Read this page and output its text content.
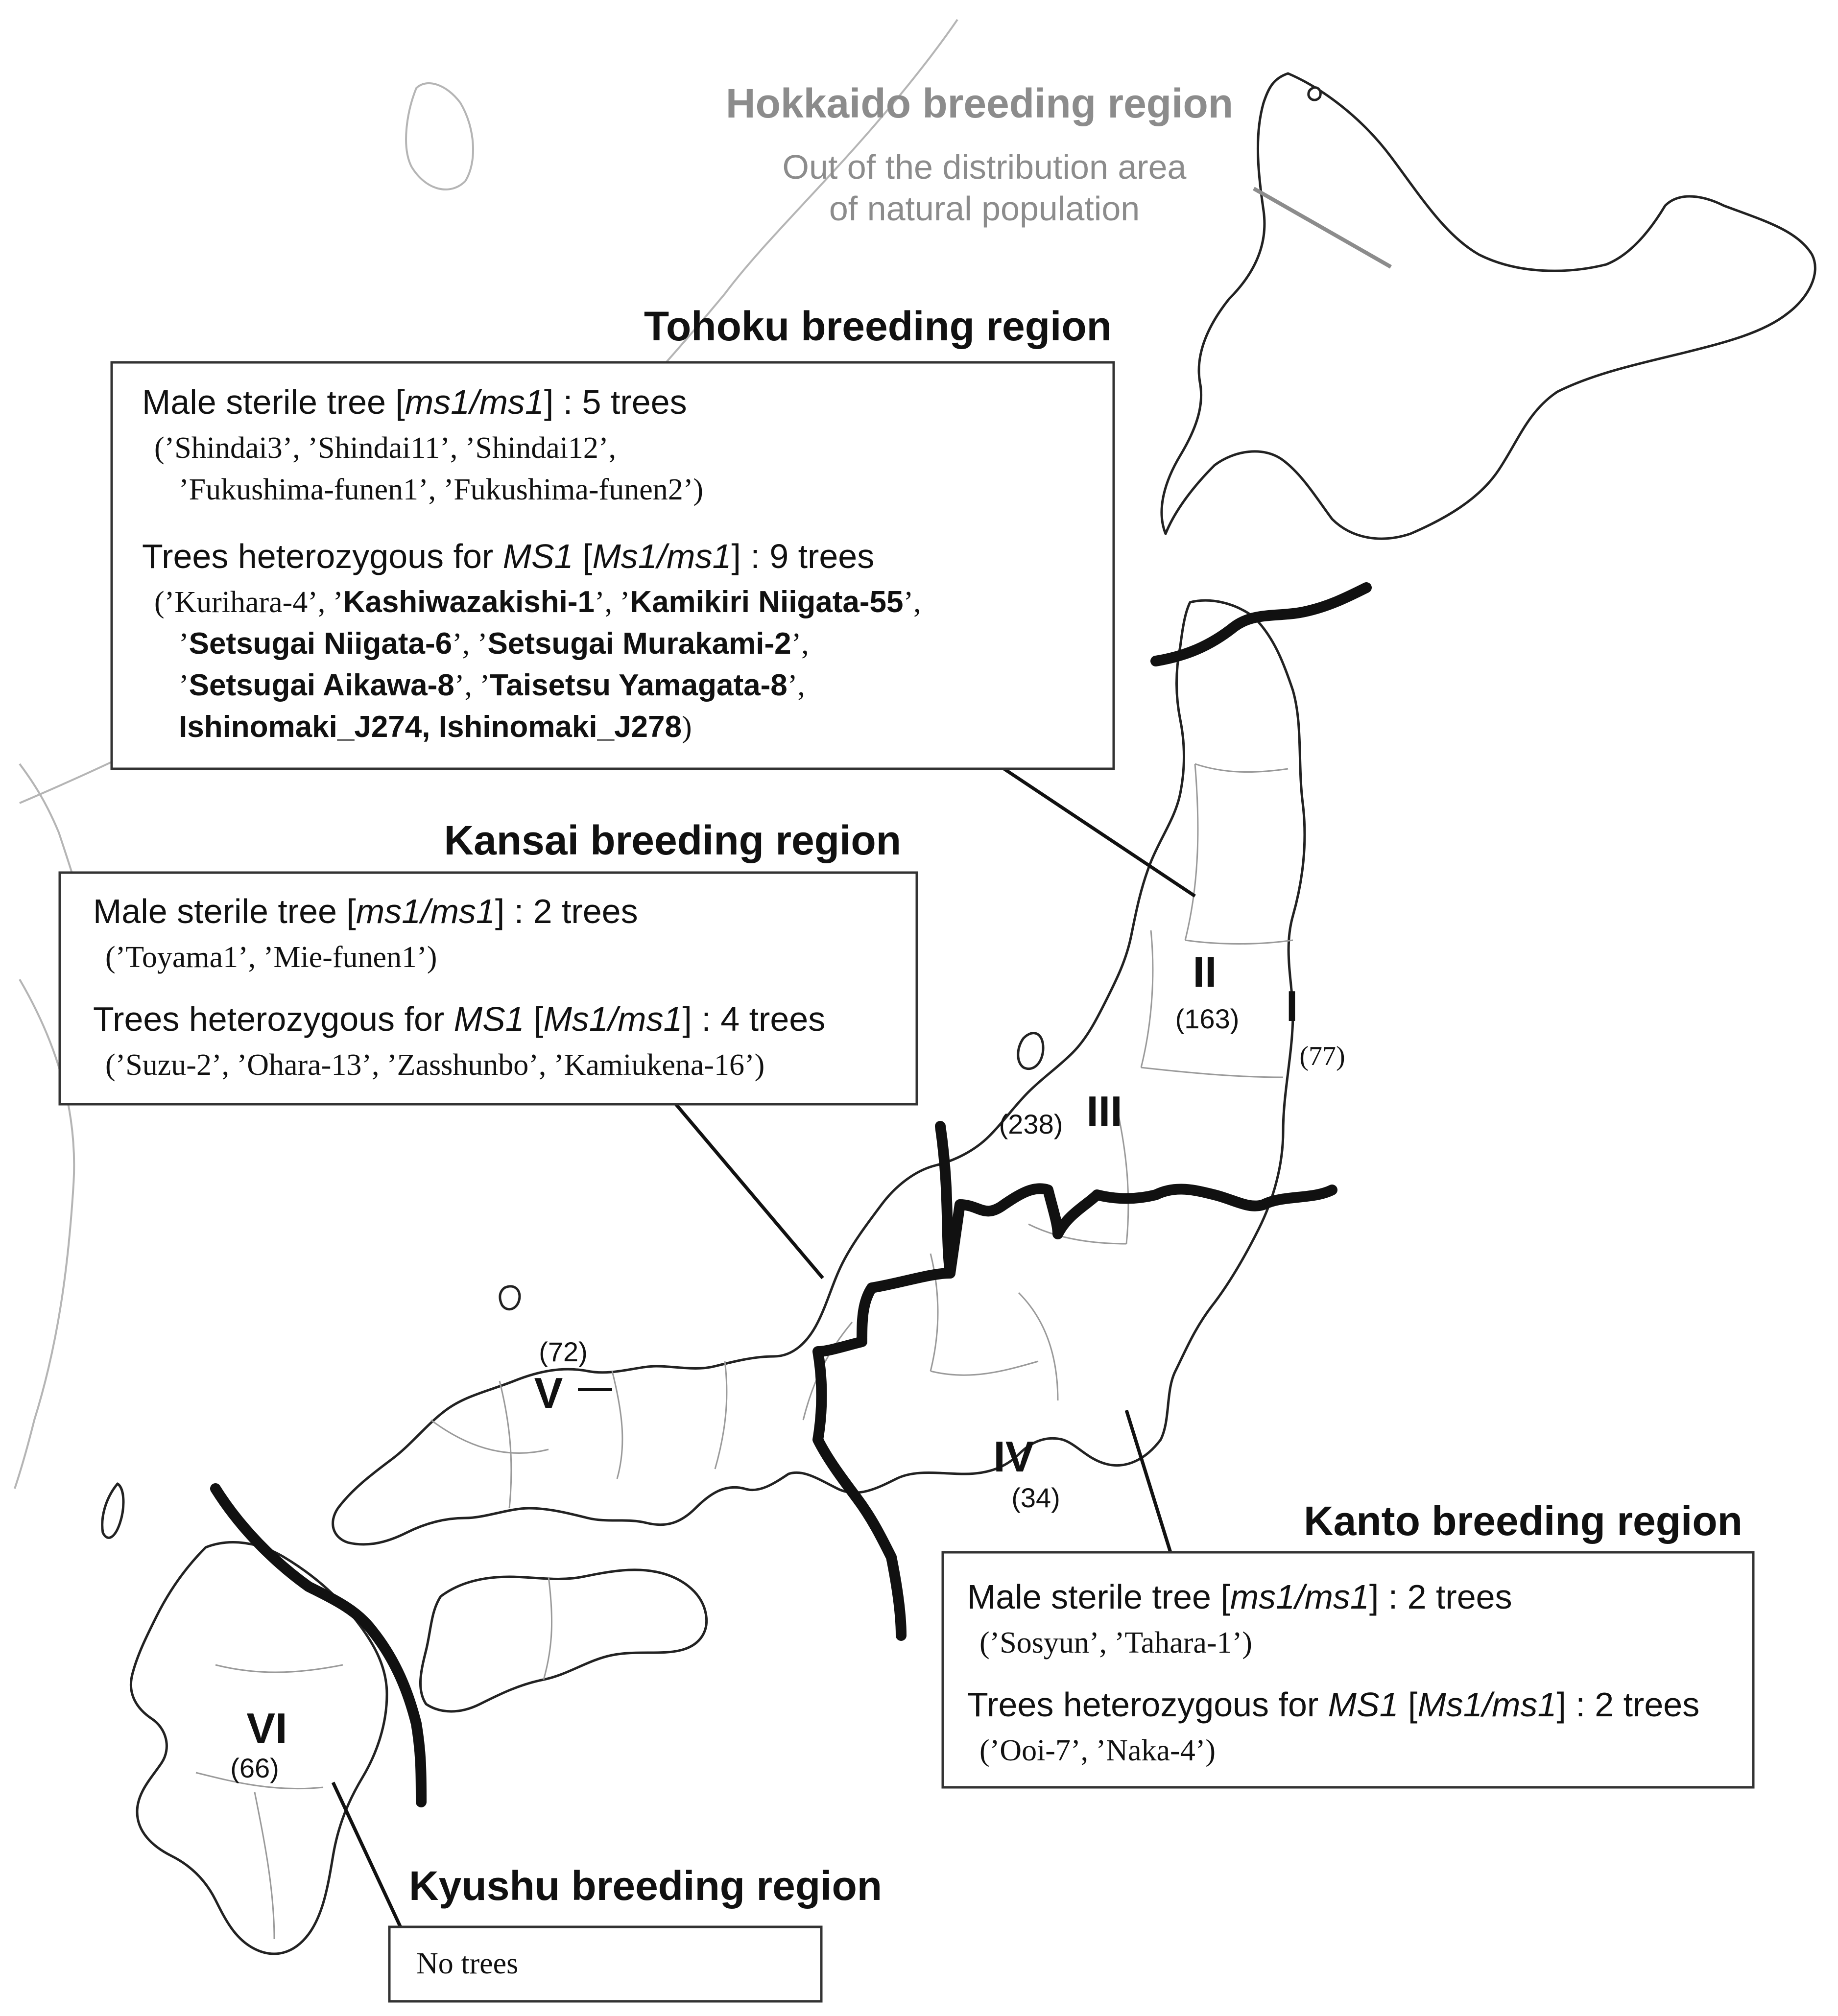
I
(77)
II
(163)
III
(238)
IV
(34)
V
(72)
VI
(66)
Hokkaido breeding region
Out of the distribution area
of natural population
Tohoku breeding region
Male sterile tree [ms1/ms1] : 5 trees
(’Shindai3’, ’Shindai11’, ’Shindai12’,
’Fukushima-funen1’, ’Fukushima-funen2’)
Trees heterozygous for MS1 [Ms1/ms1] : 9 trees
(’Kurihara-4’, ’Kashiwazakishi-1’, ’Kamikiri Niigata-55’,
’Setsugai Niigata-6’, ’Setsugai Murakami-2’,
’Setsugai Aikawa-8’, ’Taisetsu Yamagata-8’,
Ishinomaki_J274, Ishinomaki_J278)
Kansai breeding region
Male sterile tree [ms1/ms1] : 2 trees
(’Toyama1’, ’Mie-funen1’)
Trees heterozygous for MS1 [Ms1/ms1] : 4 trees
(’Suzu-2’, ’Ohara-13’, ’Zasshunbo’, ’Kamiukena-16’)
Kanto breeding region
Male sterile tree [ms1/ms1] : 2 trees
(’Sosyun’, ’Tahara-1’)
Trees heterozygous for MS1 [Ms1/ms1] : 2 trees
(’Ooi-7’, ’Naka-4’)
Kyushu breeding region
No trees
